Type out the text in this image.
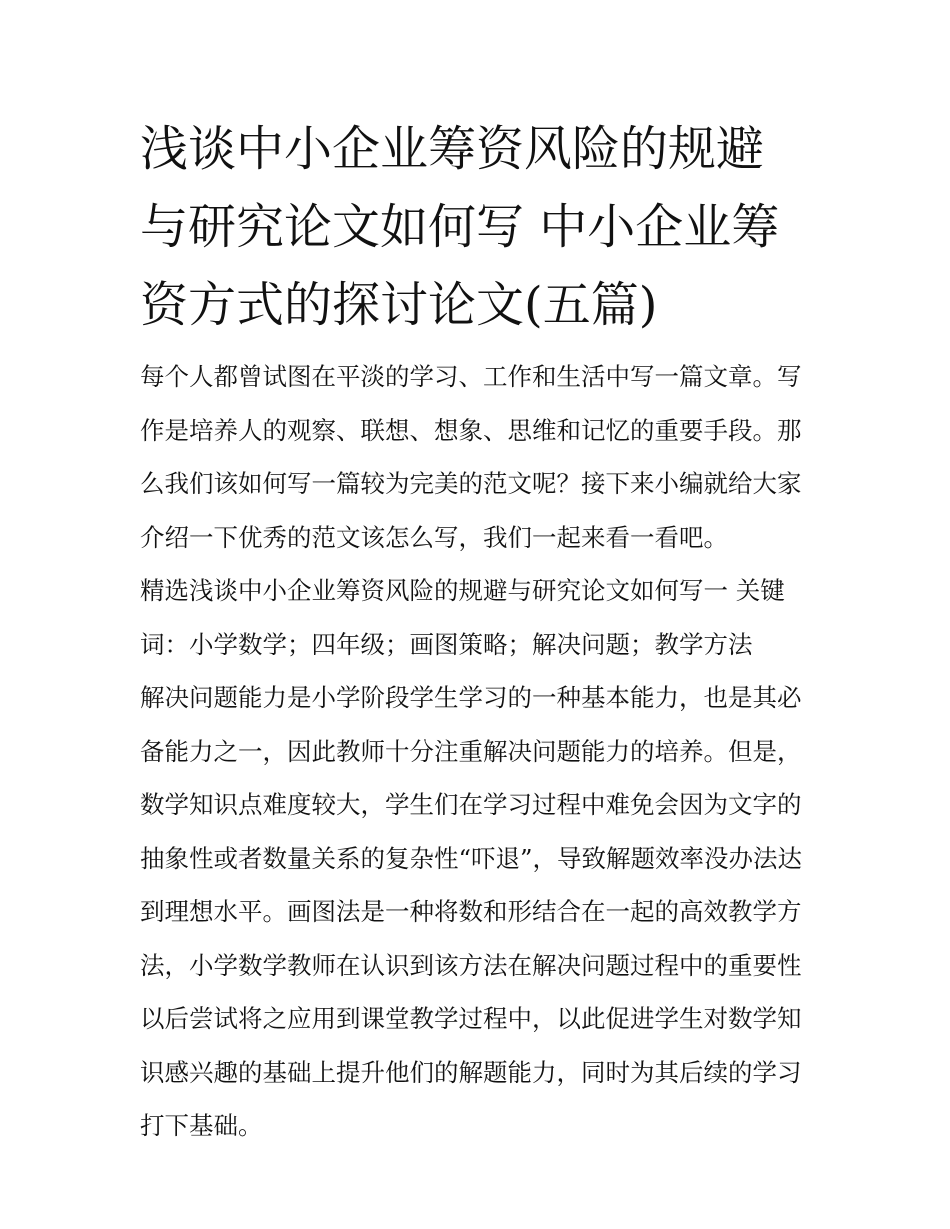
浅谈中小企业筹资风险的规避
与研究论文如何写 中小企业筹
资方式的探讨论文(五篇)
每个人都曾试图在平淡的学习、工作和生活中写一篇文章。写
作是培养人的观察、联想、想象、思维和记忆的重要手段。那
么我们该如何写一篇较为完美的范文呢？接下来小编就给大家
介绍一下优秀的范文该怎么写，我们一起来看一看吧。
精选浅谈中小企业筹资风险的规避与研究论文如何写一 关键
词：小学数学；四年级；画图策略；解决问题；教学方法
解决问题能力是小学阶段学生学习的一种基本能力，也是其必
备能力之一，因此教师十分注重解决问题能力的培养。但是，
数学知识点难度较大，学生们在学习过程中难免会因为文字的
抽象性或者数量关系的复杂性“吓退”，导致解题效率没办法达
到理想水平。画图法是一种将数和形结合在一起的高效教学方
法，小学数学教师在认识到该方法在解决问题过程中的重要性
以后尝试将之应用到课堂教学过程中，以此促进学生对数学知
识感兴趣的基础上提升他们的解题能力，同时为其后续的学习
打下基础。
